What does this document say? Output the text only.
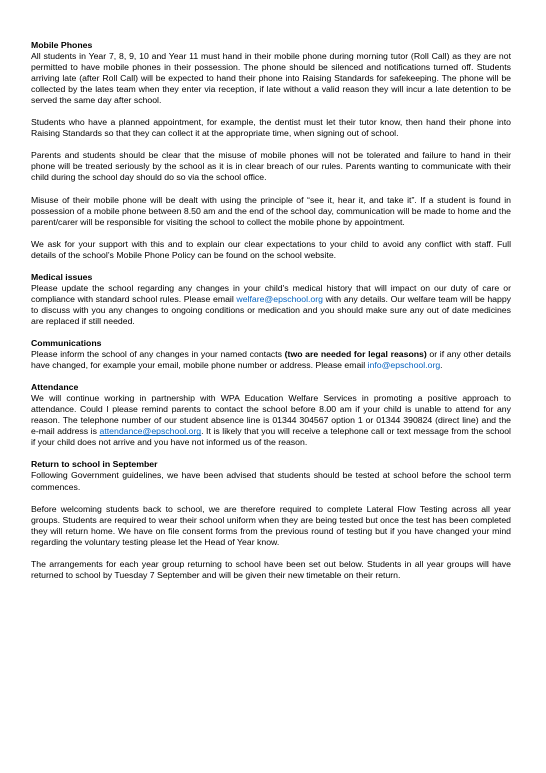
Mobile Phones

All students in Year 7, 8, 9, 10 and Year 11 must hand in their mobile phone during morning tutor (Roll Call) as they are not permitted to have mobile phones in their possession. The phone should be silenced and notifications turned off. Students arriving late (after Roll Call) will be expected to hand their phone into Raising Standards for safekeeping. The phone will be collected by the lates team when they enter via reception, if late without a valid reason they will incur a late detention to be served the same day after school.

Students who have a planned appointment, for example, the dentist must let their tutor know, then hand their phone into Raising Standards so that they can collect it at the appropriate time, when signing out of school.

Parents and students should be clear that the misuse of mobile phones will not be tolerated and failure to hand in their phone will be treated seriously by the school as it is in clear breach of our rules. Parents wanting to communicate with their child during the school day should do so via the school office.

Misuse of their mobile phone will be dealt with using the principle of “see it, hear it, and take it”. If a student is found in possession of a mobile phone between 8.50 am and the end of the school day, communication will be made to home and the parent/carer will be responsible for visiting the school to collect the mobile phone by appointment.

We ask for your support with this and to explain our clear expectations to your child to avoid any conflict with staff. Full details of the school’s Mobile Phone Policy can be found on the school website.

Medical issues

Please update the school regarding any changes in your child's medical history that will impact on our duty of care or compliance with standard school rules. Please email welfare@epschool.org with any details. Our welfare team will be happy to discuss with you any changes to ongoing conditions or medication and you should make sure any out of date medicines are replaced if still needed.

Communications

Please inform the school of any changes in your named contacts (two are needed for legal reasons) or if any other details have changed, for example your email, mobile phone number or address. Please email info@epschool.org.

Attendance

We will continue working in partnership with WPA Education Welfare Services in promoting a positive approach to attendance. Could I please remind parents to contact the school before 8.00 am if your child is unable to attend for any reason. The telephone number of our student absence line is 01344 304567 option 1 or 01344 390824 (direct line) and the e-mail address is attendance@epschool.org. It is likely that you will receive a telephone call or text message from the school if your child does not arrive and you have not informed us of the reason.

Return to school in September

Following Government guidelines, we have been advised that students should be tested at school before the school term commences.

Before welcoming students back to school, we are therefore required to complete Lateral Flow Testing across all year groups. Students are required to wear their school uniform when they are being tested but once the test has been completed they will return home. We have on file consent forms from the previous round of testing but if you have changed your mind regarding the voluntary testing please let the Head of Year know.

The arrangements for each year group returning to school have been set out below. Students in all year groups will have returned to school by Tuesday 7 September and will be given their new timetable on their return.
